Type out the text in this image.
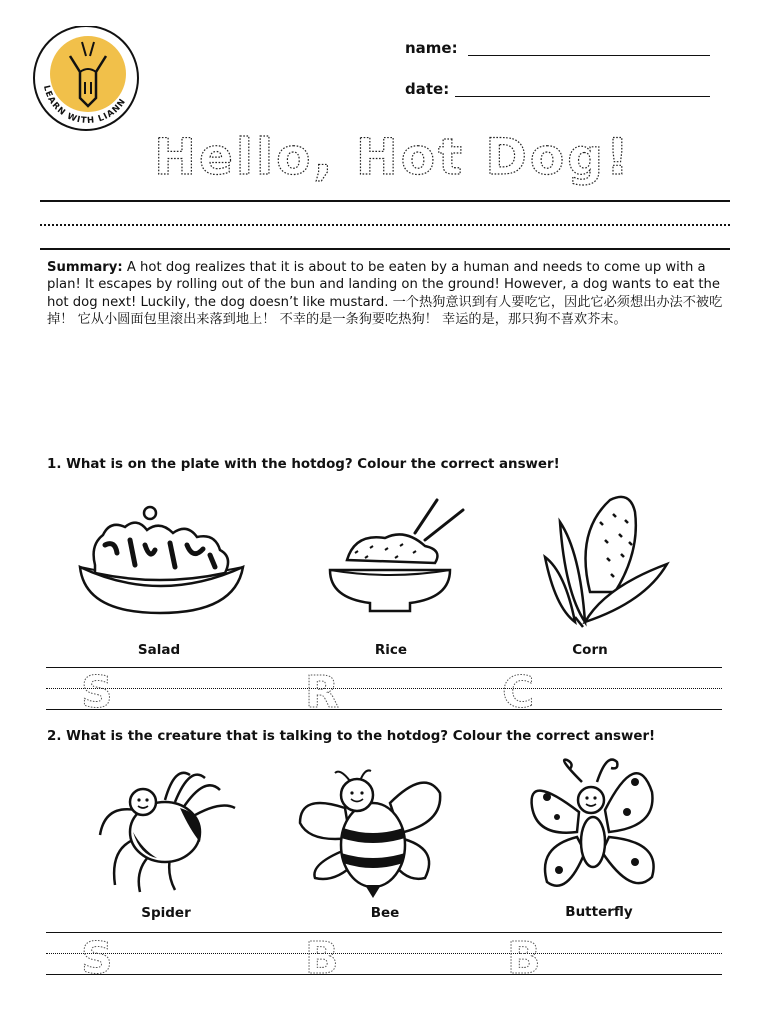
LEARN WITH LIANN
name:
date:
Hello, Hot Dog!
Summary: A hot dog realizes that it is about to be eaten by a human and needs to come up with a plan! It escapes by rolling out of the bun and landing on the ground! However, a dog wants to eat the hot dog next! Luckily, the dog doesn’t like mustard. 一个热狗意识到有人要吃它，因此它必须想出办法不被吃掉！ 它从小圆面包里滚出来落到地上！ 不幸的是一条狗要吃热狗！ 幸运的是，那只狗不喜欢芥末。
1. What is on the plate with the hotdog? Colour the correct answer!
Salad	Rice	Corn
S	R	C
2. What is the creature that is talking to the hotdog? Colour the correct answer!
Spider	Bee	Butterfly
S	B	B
